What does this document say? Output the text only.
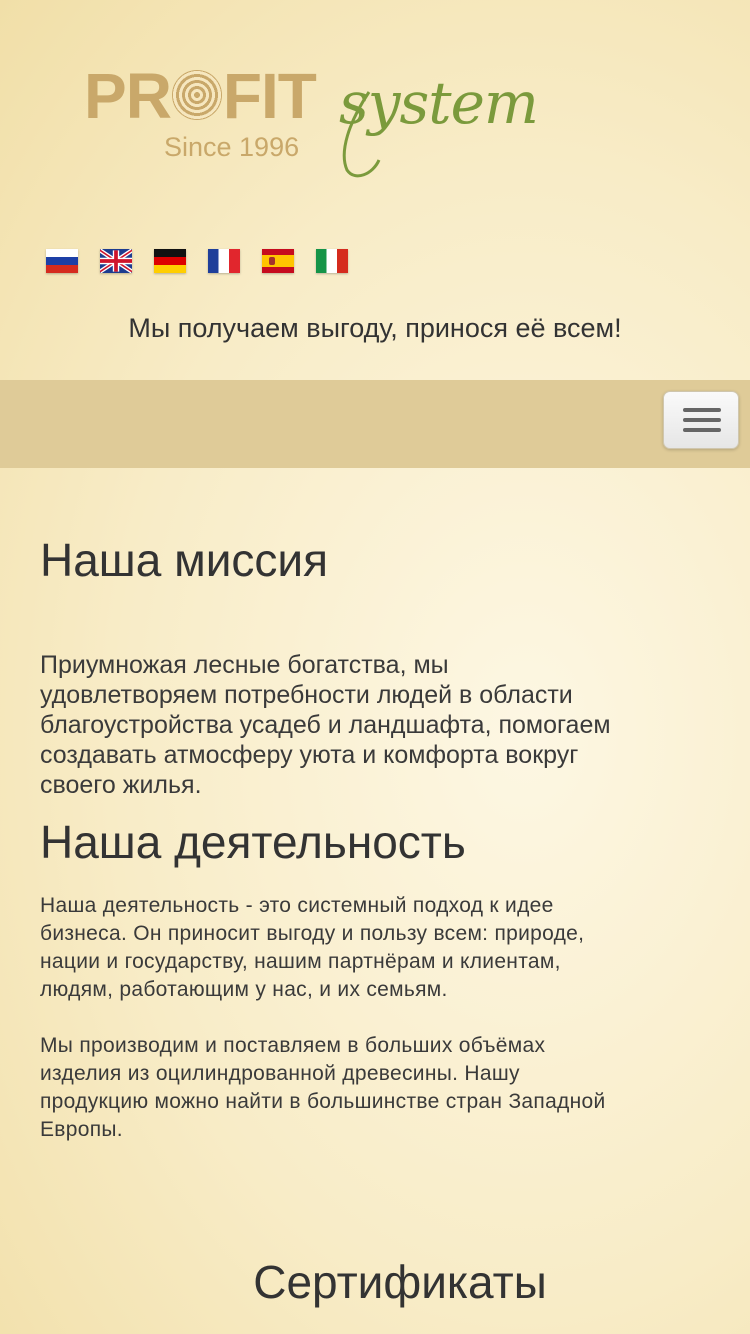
PR FIT system
Since 1996
Мы получаем выгоду, принося её всем!
Наша миссия

Приумножая лесные богатства, мы удовлетворяем потребности людей в области благоустройства усадеб и ландшафта, помогаем создавать атмосферу уюта и комфорта вокруг своего жилья.

Наша деятельность

Наша деятельность - это системный подход к идее бизнеса. Он приносит выгоду и пользу всем: природе, нации и государству, нашим партнёрам и клиентам, людям, работающим у нас, и их семьям.

Мы производим и поставляем в больших объёмах изделия из оцилиндрованной древесины. Нашу продукцию можно найти в большинстве стран Западной Европы.

Сертификаты
